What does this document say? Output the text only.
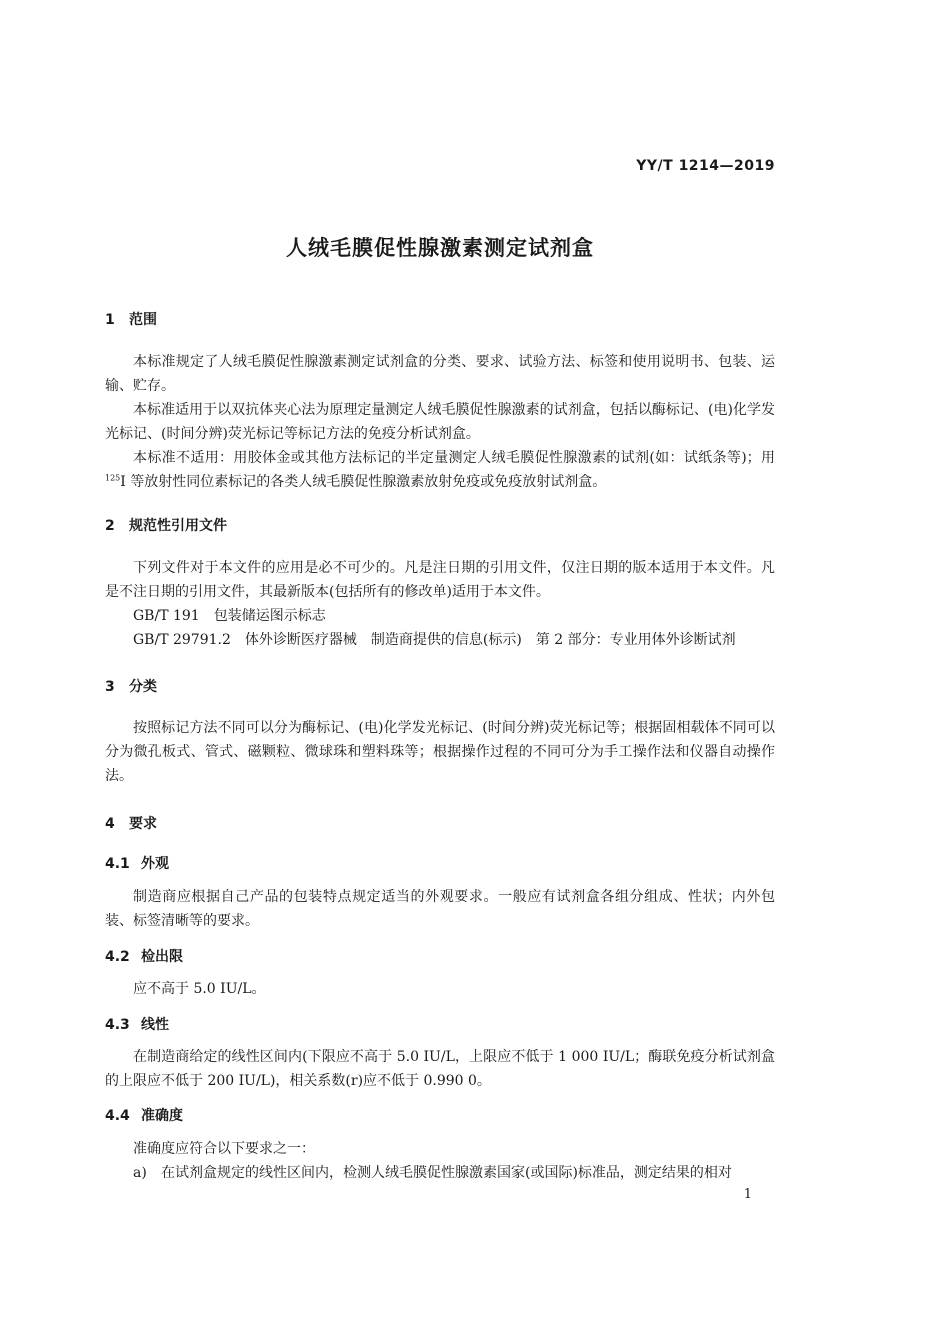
YY/T 1214—2019
人绒毛膜促性腺激素测定试剂盒
1 范围
本标准规定了人绒毛膜促性腺激素测定试剂盒的分类、要求、试验方法、标签和使用说明书、包装、运输、贮存。
本标准适用于以双抗体夹心法为原理定量测定人绒毛膜促性腺激素的试剂盒，包括以酶标记、(电)化学发光标记、(时间分辨)荧光标记等标记方法的免疫分析试剂盒。
本标准不适用：用胶体金或其他方法标记的半定量测定人绒毛膜促性腺激素的试剂(如：试纸条等)；用$^{125}$I 等放射性同位素标记的各类人绒毛膜促性腺激素放射免疫或免疫放射试剂盒。
2 规范性引用文件
下列文件对于本文件的应用是必不可少的。凡是注日期的引用文件，仅注日期的版本适用于本文件。凡是不注日期的引用文件，其最新版本(包括所有的修改单)适用于本文件。
GB/T 191　包装储运图示标志
GB/T 29791.2　体外诊断医疗器械　制造商提供的信息(标示)　第 2 部分：专业用体外诊断试剂
3 分类
按照标记方法不同可以分为酶标记、(电)化学发光标记、(时间分辨)荧光标记等；根据固相载体不同可以分为微孔板式、管式、磁颗粒、微球珠和塑料珠等；根据操作过程的不同可分为手工操作法和仪器自动操作法。
4 要求
4.1 外观
制造商应根据自己产品的包装特点规定适当的外观要求。一般应有试剂盒各组分组成、性状；内外包装、标签清晰等的要求。
4.2 检出限
应不高于 5.0 IU/L。
4.3 线性
在制造商给定的线性区间内(下限应不高于 5.0 IU/L，上限应不低于 1 000 IU/L；酶联免疫分析试剂盒的上限应不低于 200 IU/L)，相关系数(r)应不低于 0.990 0。
4.4 准确度
准确度应符合以下要求之一：
a) 在试剂盒规定的线性区间内，检测人绒毛膜促性腺激素国家(或国际)标准品，测定结果的相对
1
